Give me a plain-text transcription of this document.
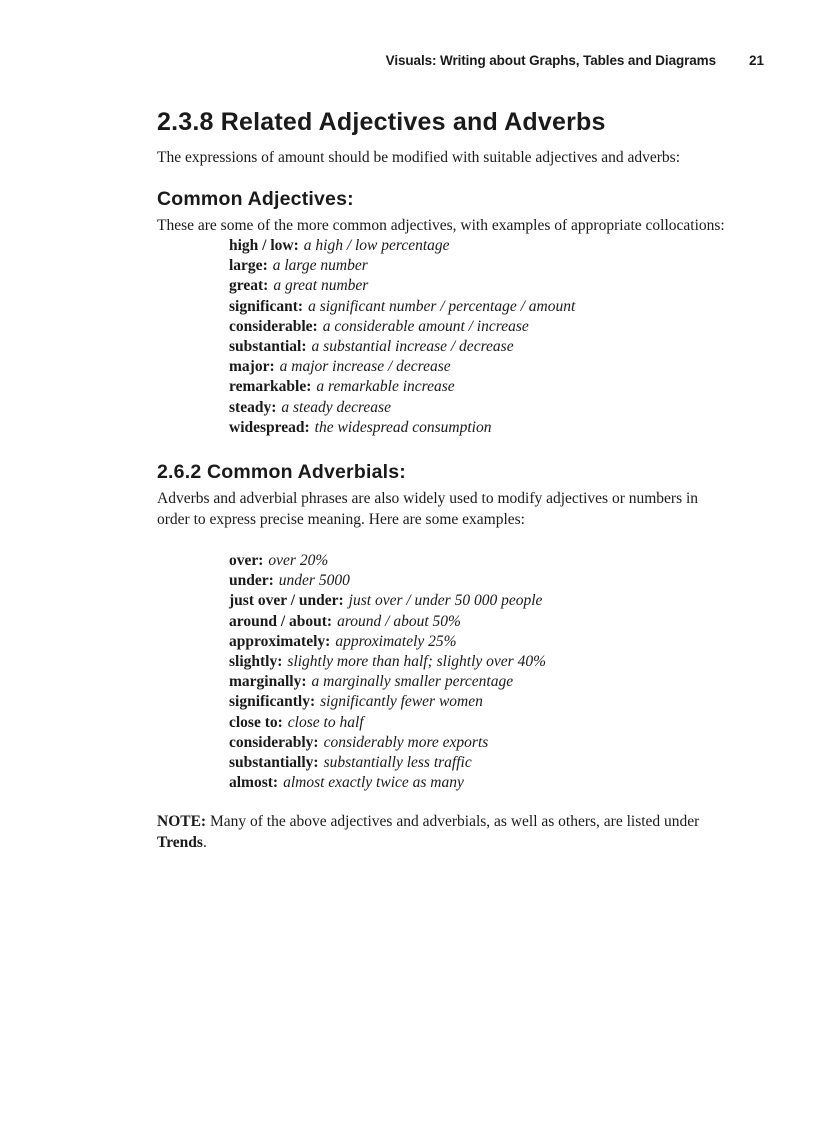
Visuals: Writing about Graphs, Tables and Diagrams 21
2.3.8 Related Adjectives and Adverbs

The expressions of amount should be modified with suitable adjectives and adverbs:

Common Adjectives:

These are some of the more common adjectives, with examples of appropriate collocations:

high / low: a high / low percentage
large: a large number
great: a great number
significant: a significant number / percentage / amount
considerable: a considerable amount / increase
substantial: a substantial increase / decrease
major: a major increase / decrease
remarkable: a remarkable increase
steady: a steady decrease
widespread: the widespread consumption
2.6.2 Common Adverbials:

Adverbs and adverbial phrases are also widely used to modify adjectives or numbers in order to express precise meaning. Here are some examples:

over: over 20%
under: under 5000
just over / under: just over / under 50 000 people
around / about: around / about 50%
approximately: approximately 25%
slightly: slightly more than half; slightly over 40%
marginally: a marginally smaller percentage
significantly: significantly fewer women
close to: close to half
considerably: considerably more exports
substantially: substantially less traffic
almost: almost exactly twice as many

NOTE: Many of the above adjectives and adverbials, as well as others, are listed under Trends.
